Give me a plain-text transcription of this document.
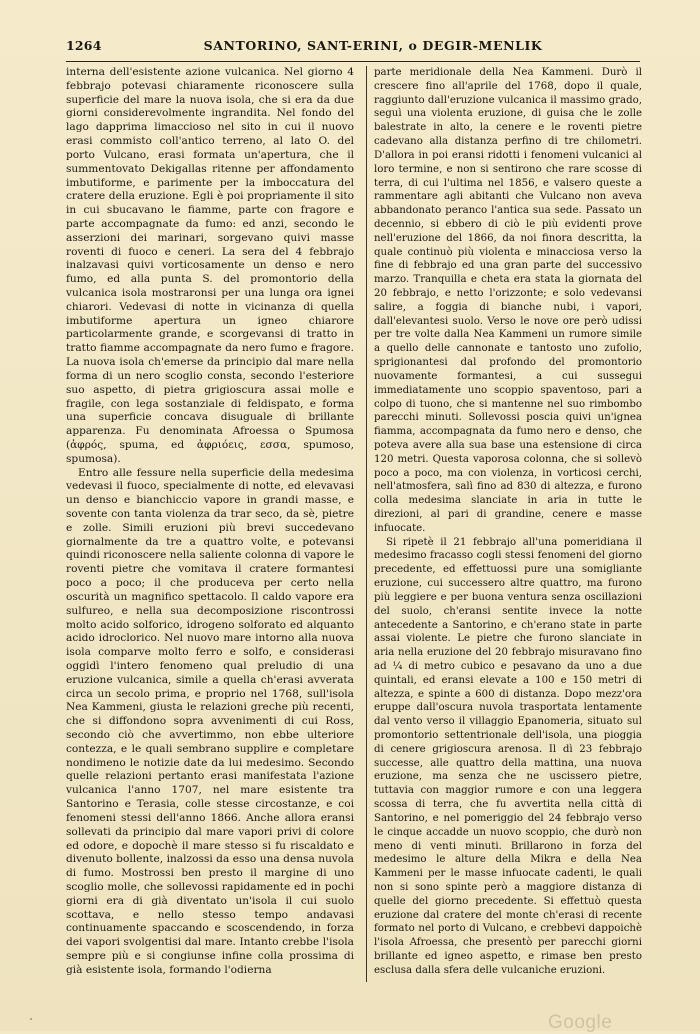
1264	SANTORINO, SANT-ERINI, o DEGIR-MENLIK

interna dell'esistente azione vulcanica. Nel giorno 4 febbrajo potevasi chiaramente riconoscere sulla superficie del mare la nuova isola, che si era da due giorni considerevolmente ingrandita. Nel fondo del lago dapprima limaccioso nel sito in cui il nuovo erasi commisto coll'antico terreno, al lato O. del porto Vulcano, erasi formata un'apertura, che il summentovato Dekigallas ritenne per affondamento imbutiforme, e parimente per la imboccatura del cratere della eruzione. Egli è poi propriamente il sito in cui sbucavano le fiamme, parte con fragore e parte accompagnate da fumo: ed anzi, secondo le asserzioni dei marinari, sorgevano quivi masse roventi di fuoco e ceneri. La sera del 4 febbrajo inalzavasi quivi vorticosamente un denso e nero fumo, ed alla punta S. del promontorio della vulcanica isola mostraronsi per una lunga ora ignei chiarori. Vedevasi di notte in vicinanza di quella imbutiforme apertura un igneo chiarore particolarmente grande, e scorgevansi di tratto in tratto fiamme accompagnate da nero fumo e fragore. La nuova isola ch'emerse da principio dal mare nella forma di un nero scoglio consta, secondo l'esteriore suo aspetto, di pietra grigioscura assai molle e fragile, con lega sostanziale di feldispato, e forma una superficie concava disuguale di brillante apparenza. Fu denominata Afroessa o Spumosa (ἀφρός, spuma, ed ἀφριόεις, εσσα, spumoso, spumosa).

Entro alle fessure nella superficie della medesima vedevasi il fuoco, specialmente di notte, ed elevavasi un denso e bianchiccio vapore in grandi masse, e sovente con tanta violenza da trar seco, da sè, pietre e zolle. Simili eruzioni più brevi succedevano giornalmente da tre a quattro volte, e potevansi quindi riconoscere nella saliente colonna di vapore le roventi pietre che vomitava il cratere formantesi poco a poco; il che produceva per certo nella oscurità un magnifico spettacolo. Il caldo vapore era sulfureo, e nella sua decomposizione riscontrossi molto acido solforico, idrogeno solforato ed alquanto acido idroclorico. Nel nuovo mare intorno alla nuova isola comparve molto ferro e solfo, e considerasi oggidì l'intero fenomeno qual preludio di una eruzione vulcanica, simile a quella ch'erasi avverata circa un secolo prima, e proprio nel 1768, sull'isola Nea Kammeni, giusta le relazioni greche più recenti, che si diffondono sopra avvenimenti di cui Ross, secondo ciò che avvertimmo, non ebbe ulteriore contezza, e le quali sembrano supplire e completare nondimeno le notizie date da lui medesimo. Secondo quelle relazioni pertanto erasi manifestata l'azione vulcanica l'anno 1707, nel mare esistente tra Santorino e Terasia, colle stesse circostanze, e coi fenomeni stessi dell'anno 1866. Anche allora eransi sollevati da principio dal mare vapori privi di colore ed odore, e dopochè il mare stesso si fu riscaldato e divenuto bollente, inalzossi da esso una densa nuvola di fumo. Mostrossi ben presto il margine di uno scoglio molle, che sollevossi rapidamente ed in pochi giorni era di già diventato un'isola il cui suolo scottava, e nello stesso tempo andavasi continuamente spaccando e scoscendendo, in forza dei vapori svolgentisi dal mare. Intanto crebbe l'isola sempre più e si congiunse infine colla prossima di già esistente isola, formando l'odierna

parte meridionale della Nea Kammeni. Durò il crescere fino all'aprile del 1768, dopo il quale, raggiunto dall'eruzione vulcanica il massimo grado, seguì una violenta eruzione, di guisa che le zolle balestrate in alto, la cenere e le roventi pietre cadevano alla distanza perfino di tre chilometri. D'allora in poi eransi ridotti i fenomeni vulcanici al loro termine, e non si sentirono che rare scosse di terra, di cui l'ultima nel 1856, e valsero queste a rammentare agli abitanti che Vulcano non aveva abbandonato peranco l'antica sua sede. Passato un decennio, si ebbero di ciò le più evidenti prove nell'eruzione del 1866, da noi finora descritta, la quale continuò più violenta e minacciosa verso la fine di febbrajo ed una gran parte del successivo marzo. Tranquilla e cheta era stata la giornata del 20 febbrajo, e netto l'orizzonte; e solo vedevansi salire, a foggia di bianche nubi, i vapori, dall'elevantesi suolo. Verso le nove ore però udissi per tre volte dalla Nea Kammeni un rumore simile a quello delle cannonate e tantosto uno zufolio, sprigionantesi dal profondo del promontorio nuovamente formantesi, a cui sussegui immediatamente uno scoppio spaventoso, pari a colpo di tuono, che si mantenne nel suo rimbombo parecchi minuti. Sollevossi poscia quivi un'ignea fiamma, accompagnata da fumo nero e denso, che poteva avere alla sua base una estensione di circa 120 metri. Questa vaporosa colonna, che si sollevò poco a poco, ma con violenza, in vorticosi cerchi, nell'atmosfera, salì fino ad 830 di altezza, e furono colla medesima slanciate in aria in tutte le direzioni, al pari di grandine, cenere e masse infuocate.

Si ripetè il 21 febbrajo all'una pomeridiana il medesimo fracasso cogli stessi fenomeni del giorno precedente, ed effettuossi pure una somigliante eruzione, cui successero altre quattro, ma furono più leggiere e per buona ventura senza oscillazioni del suolo, ch'eransi sentite invece la notte antecedente a Santorino, e ch'erano state in parte assai violente. Le pietre che furono slanciate in aria nella eruzione del 20 febbrajo misuravano fino ad ¼ di metro cubico e pesavano da uno a due quintali, ed eransi elevate a 100 e 150 metri di altezza, e spinte a 600 di distanza. Dopo mezz'ora eruppe dall'oscura nuvola trasportata lentamente dal vento verso il villaggio Epanomeria, situato sul promontorio settentrionale dell'isola, una pioggia di cenere grigioscura arenosa. Il dì 23 febbrajo successe, alle quattro della mattina, una nuova eruzione, ma senza che ne uscissero pietre, tuttavia con maggior rumore e con una leggera scossa di terra, che fu avvertita nella città di Santorino, e nel pomeriggio del 24 febbrajo verso le cinque accadde un nuovo scoppio, che durò non meno di venti minuti. Brillarono in forza del medesimo le alture della Mikra e della Nea Kammeni per le masse infuocate cadenti, le quali non si sono spinte però a maggiore distanza di quelle del giorno precedente. Si effettuò questa eruzione dal cratere del monte ch'erasi di recente formato nel porto di Vulcano, e crebbevi dappoichè l'isola Afroessa, che presentò per parecchi giorni brillante ed igneo aspetto, e rimase ben presto esclusa dalla sfera delle vulcaniche eruzioni.

Google
